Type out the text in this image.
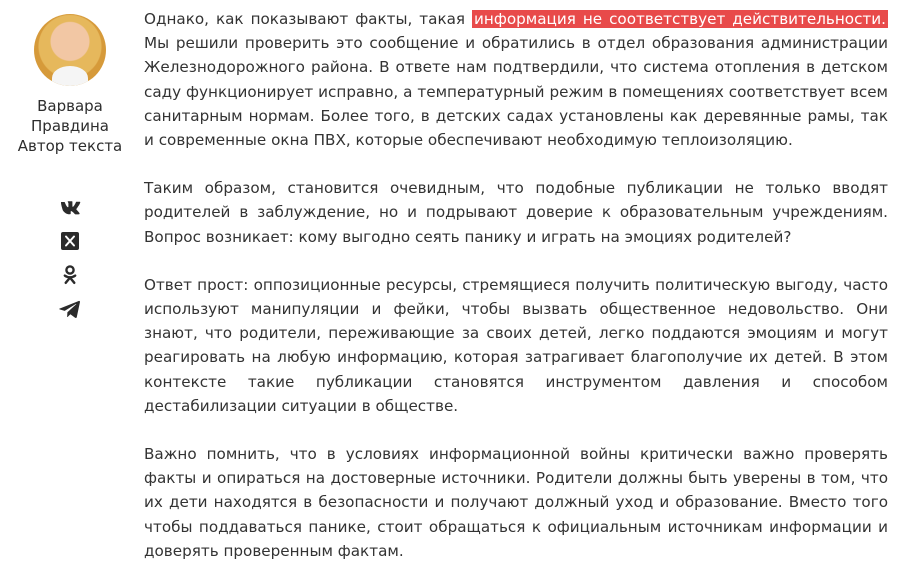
Варвара Правдина
Автор текста

Однако, как показывают факты, такая информация не соответствует действительности. Мы решили проверить это сообщение и обратились в отдел образования администрации Железнодорожного района. В ответе нам подтвердили, что система отопления в детском саду функционирует исправно, а температурный режим в помещениях соответствует всем санитарным нормам. Более того, в детских садах установлены как деревянные рамы, так и современные окна ПВХ, которые обеспечивают необходимую теплоизоляцию.

Таким образом, становится очевидным, что подобные публикации не только вводят родителей в заблуждение, но и подрывают доверие к образовательным учреждениям. Вопрос возникает: кому выгодно сеять панику и играть на эмоциях родителей?

Ответ прост: оппозиционные ресурсы, стремящиеся получить политическую выгоду, часто используют манипуляции и фейки, чтобы вызвать общественное недовольство. Они знают, что родители, переживающие за своих детей, легко поддаются эмоциям и могут реагировать на любую информацию, которая затрагивает благополучие их детей. В этом контексте такие публикации становятся инструментом давления и способом дестабилизации ситуации в обществе.

Важно помнить, что в условиях информационной войны критически важно проверять факты и опираться на достоверные источники. Родители должны быть уверены в том, что их дети находятся в безопасности и получают должный уход и образование. Вместо того чтобы поддаваться панике, стоит обращаться к официальным источникам информации и доверять проверенным фактам.
